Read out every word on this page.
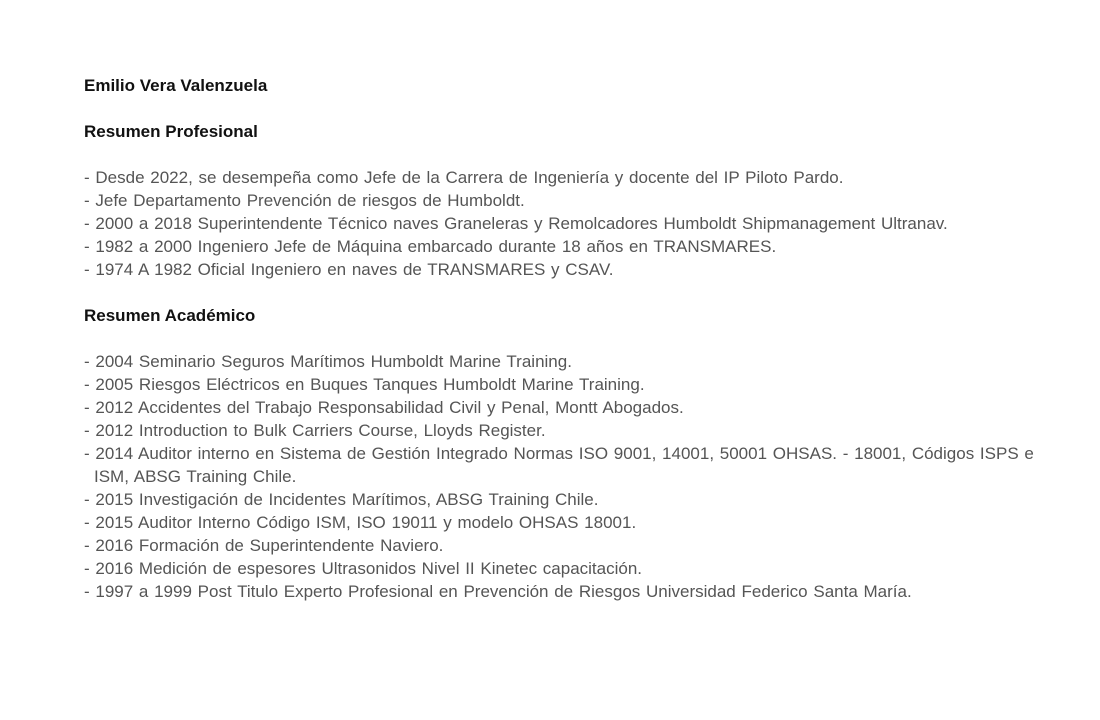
Emilio Vera Valenzuela

Resumen Profesional

- Desde 2022, se desempeña como Jefe de la Carrera de Ingeniería y docente del IP Piloto Pardo.
- Jefe Departamento Prevención de riesgos de Humboldt.
- 2000 a 2018 Superintendente Técnico naves Graneleras y Remolcadores Humboldt Shipmanagement Ultranav.
- 1982 a 2000 Ingeniero Jefe de Máquina embarcado durante 18 años en TRANSMARES.
- 1974 A 1982 Oficial Ingeniero en naves de TRANSMARES y CSAV.

Resumen Académico

- 2004 Seminario Seguros Marítimos Humboldt Marine Training.
- 2005 Riesgos Eléctricos en Buques Tanques Humboldt Marine Training.
- 2012 Accidentes del Trabajo Responsabilidad Civil y Penal, Montt Abogados.
- 2012 Introduction to Bulk Carriers Course, Lloyds Register.
- 2014 Auditor interno en Sistema de Gestión Integrado Normas ISO 9001, 14001, 50001 OHSAS. - 18001, Códigos ISPS e ISM, ABSG Training Chile.
- 2015 Investigación de Incidentes Marítimos, ABSG Training Chile.
- 2015 Auditor Interno Código ISM, ISO 19011 y modelo OHSAS 18001.
- 2016 Formación de Superintendente Naviero.
- 2016 Medición de espesores Ultrasonidos Nivel II Kinetec capacitación.
- 1997 a 1999 Post Titulo Experto Profesional en Prevención de Riesgos Universidad Federico Santa María.
